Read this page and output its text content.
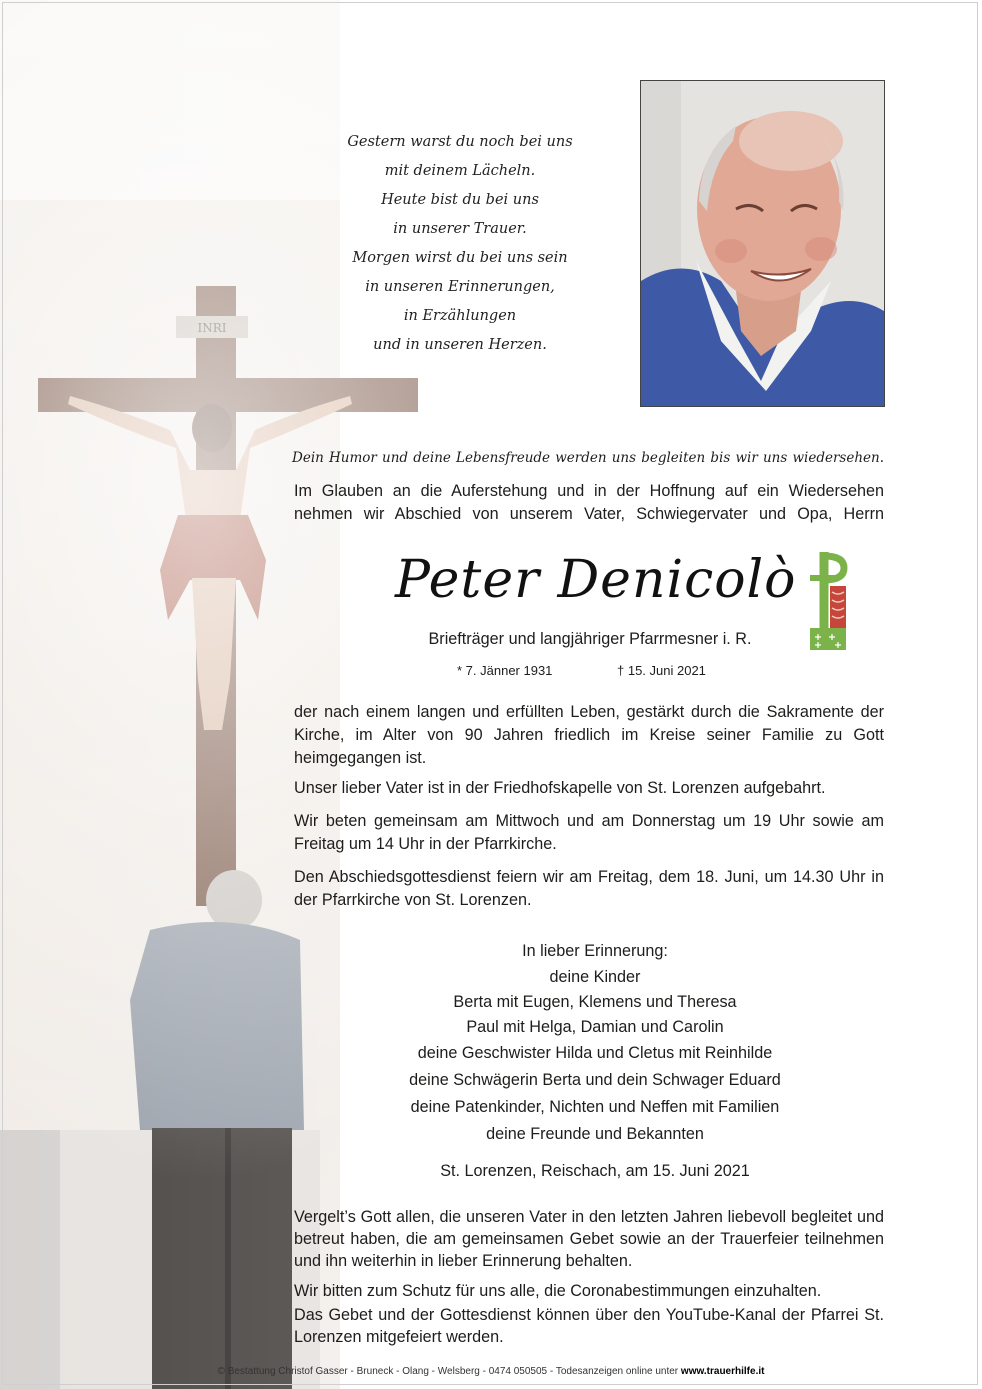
Gestern warst du noch bei uns
mit deinem Lächeln.
Heute bist du bei uns
in unserer Trauer.
Morgen wirst du bei uns sein
in unseren Erinnerungen,
in Erzählungen
und in unseren Herzen.
Dein Humor und deine Lebensfreude werden uns begleiten bis wir uns wiedersehen.
Im Glauben an die Auferstehung und in der Hoffnung auf ein Wiedersehen nehmen wir Abschied von unserem Vater, Schwiegervater und Opa, Herrn
Peter Denicolò
Briefträger und langjähriger Pfarrmesner i. R.
* 7. Jänner 1931	† 15. Juni 2021
der nach einem langen und erfüllten Leben, gestärkt durch die Sakramente der Kirche, im Alter von 90 Jahren friedlich im Kreise seiner Familie zu Gott heimgegangen ist.
Unser lieber Vater ist in der Friedhofskapelle von St. Lorenzen aufgebahrt.
Wir beten gemeinsam am Mittwoch und am Donnerstag um 19 Uhr sowie am Freitag um 14 Uhr in der Pfarrkirche.
Den Abschiedsgottesdienst feiern wir am Freitag, dem 18. Juni, um 14.30 Uhr in der Pfarrkirche von St. Lorenzen.
In lieber Erinnerung:
deine Kinder
Berta mit Eugen, Klemens und Theresa
Paul mit Helga, Damian und Carolin
deine Geschwister Hilda und Cletus mit Reinhilde
deine Schwägerin Berta und dein Schwager Eduard
deine Patenkinder, Nichten und Neffen mit Familien
deine Freunde und Bekannten
St. Lorenzen, Reischach, am 15. Juni 2021
Vergelt’s Gott allen, die unseren Vater in den letzten Jahren liebevoll begleitet und betreut haben, die am gemeinsamen Gebet sowie an der Trauerfeier teilnehmen und ihn weiterhin in lieber Erinnerung behalten.
Wir bitten zum Schutz für uns alle, die Coronabestimmungen einzuhalten.
Das Gebet und der Gottesdienst können über den YouTube-Kanal der Pfarrei St. Lorenzen mitgefeiert werden.
© Bestattung Christof Gasser - Bruneck - Olang - Welsberg - 0474 050505 - Todesanzeigen online unter www.trauerhilfe.it
